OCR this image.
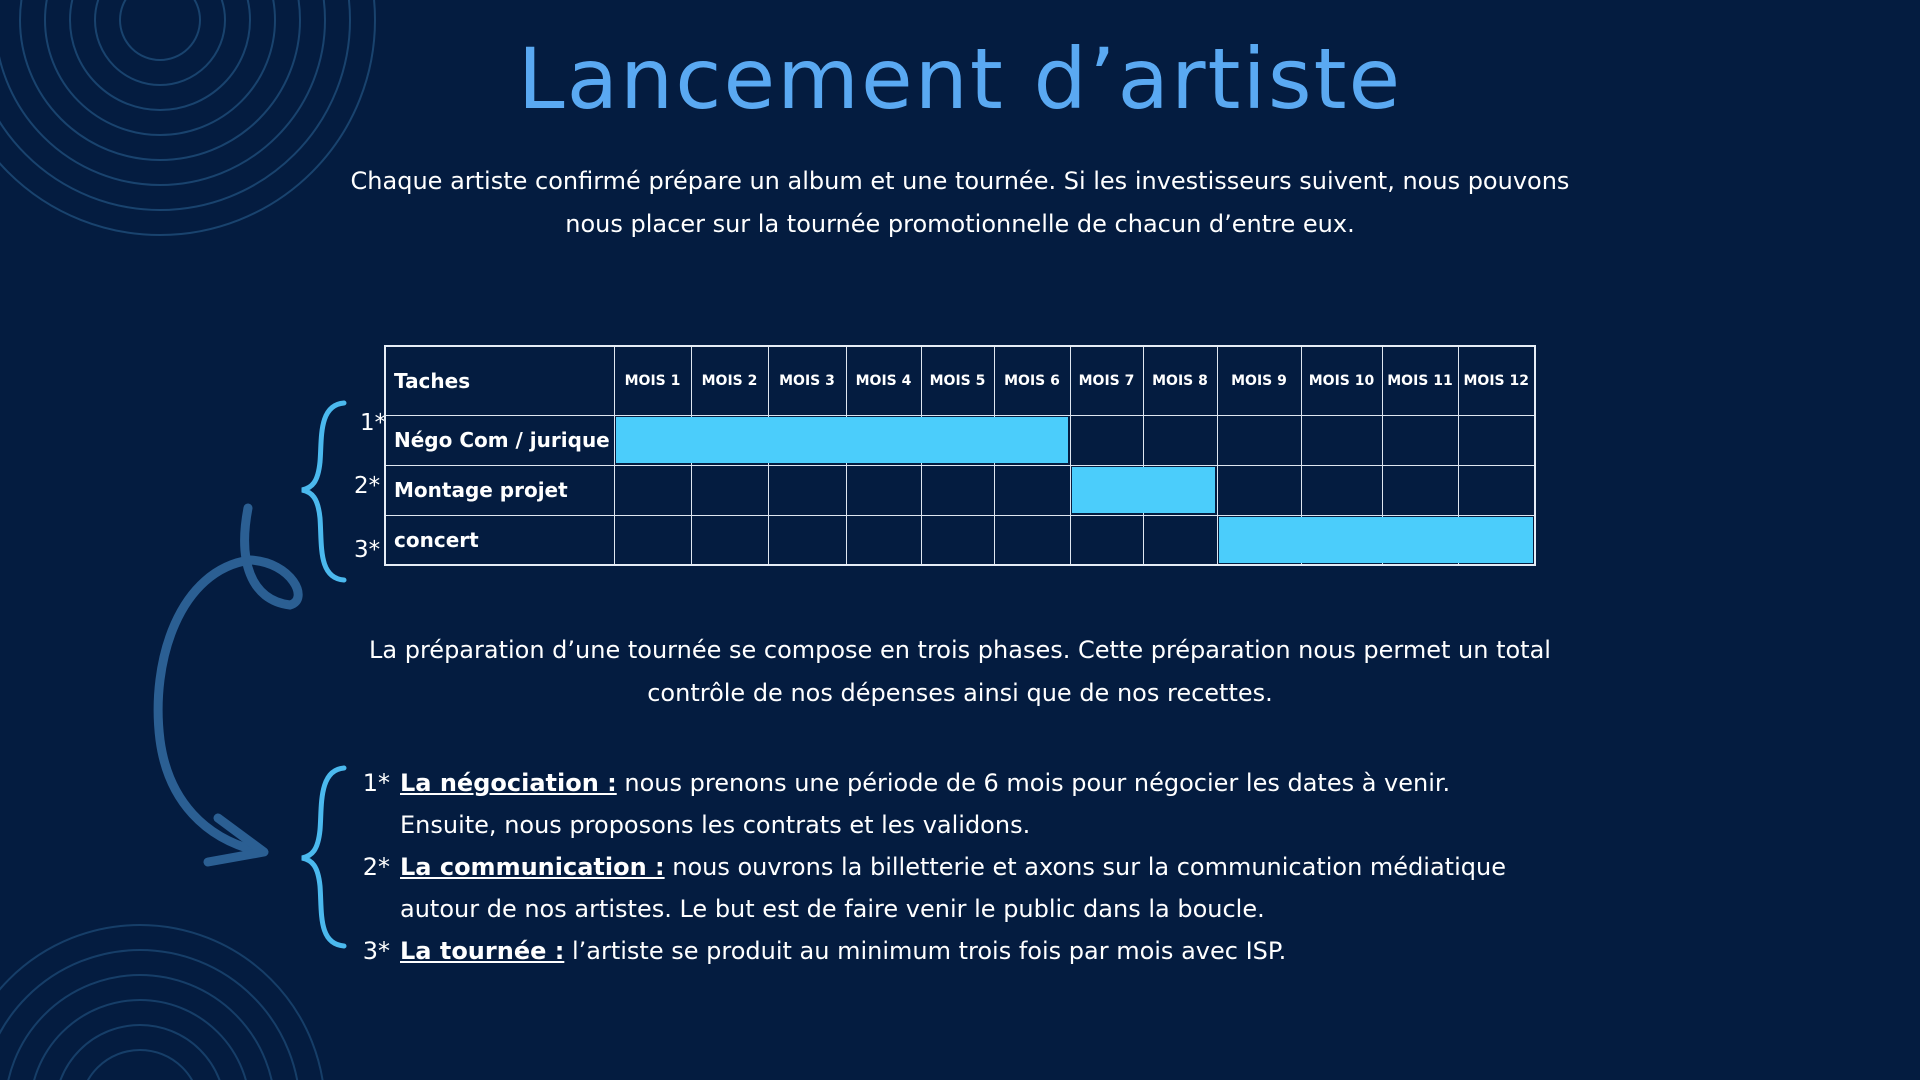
Lancement d’artiste
Chaque artiste confirmé prépare un album et une tournée. Si les investisseurs suivent, nous pouvons nous placer sur la tournée promotionnelle de chacun d’entre eux.
1*
2*
3*
Taches	MOIS 1	MOIS 2	MOIS 3	MOIS 4	MOIS 5	MOIS 6	MOIS 7	MOIS 8	MOIS 9	MOIS 10	MOIS 11	MOIS 12
Négo Com / jurique												
Montage projet												
concert												
La préparation d’une tournée se compose en trois phases. Cette préparation nous permet un total contrôle de nos dépenses ainsi que de nos recettes.
1* La négociation : nous prenons une période de 6 mois pour négocier les dates à venir. Ensuite, nous proposons les contrats et les validons.
2* La communication : nous ouvrons la billetterie et axons sur la communication médiatique autour de nos artistes. Le but est de faire venir le public dans la boucle.
3* La tournée : l’artiste se produit au minimum trois fois par mois avec ISP.
